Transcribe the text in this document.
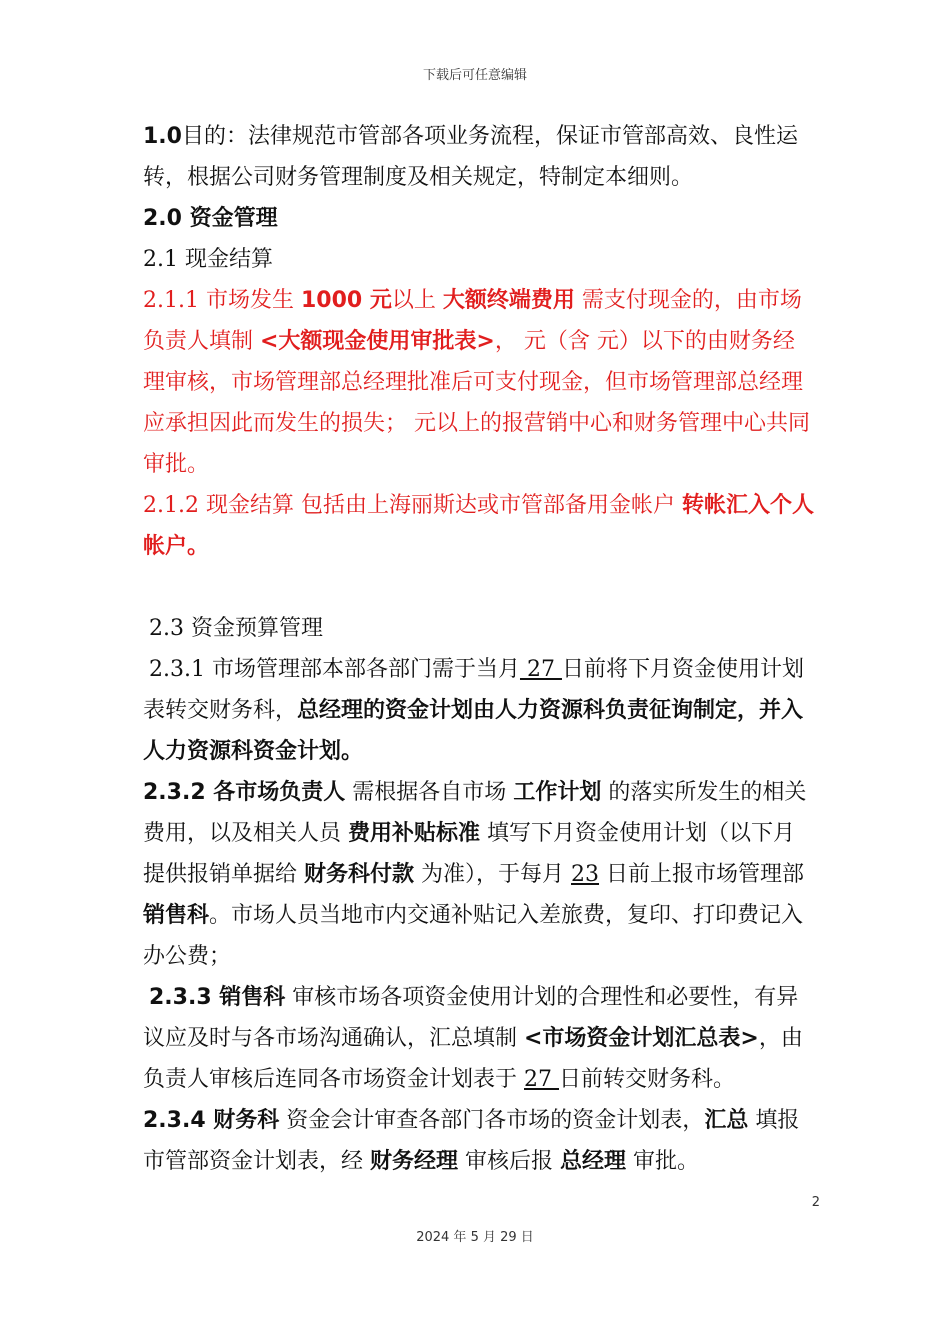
下载后可任意编辑

1.0目的：法律规范市管部各项业务流程，保证市管部高效、良性运转，根据公司财务管理制度及相关规定，特制定本细则。

2.0 资金管理

2.1 现金结算

2.1.1 市场发生 1000 元以上 大额终端费用 需支付现金的，由市场负责人填制 <大额现金使用审批表>， 元（含 元）以下的由财务经理审核，市场管理部总经理批准后可支付现金，但市场管理部总经理应承担因此而发生的损失； 元以上的报营销中心和财务管理中心共同审批。

2.1.2 现金结算 包括由上海丽斯达或市管部备用金帐户 转帐汇入个人帐户。

2.3 资金预算管理

2.3.1 市场管理部本部各部门需于当月 27 日前将下月资金使用计划表转交财务科，总经理的资金计划由人力资源科负责征询制定，并入人力资源科资金计划。

2.3.2 各市场负责人 需根据各自市场 工作计划 的落实所发生的相关费用，以及相关人员 费用补贴标准 填写下月资金使用计划（以下月提供报销单据给 财务科付款 为准），于每月 23 日前上报市场管理部 销售科。市场人员当地市内交通补贴记入差旅费，复印、打印费记入办公费；

2.3.3 销售科 审核市场各项资金使用计划的合理性和必要性，有异议应及时与各市场沟通确认，汇总填制 <市场资金计划汇总表>，由负责人审核后连同各市场资金计划表于 27 日前转交财务科。

2.3.4 财务科 资金会计审查各部门各市场的资金计划表，汇总 填报市管部资金计划表，经 财务经理 审核后报 总经理 审批。

2
2024 年 5 月 29 日
